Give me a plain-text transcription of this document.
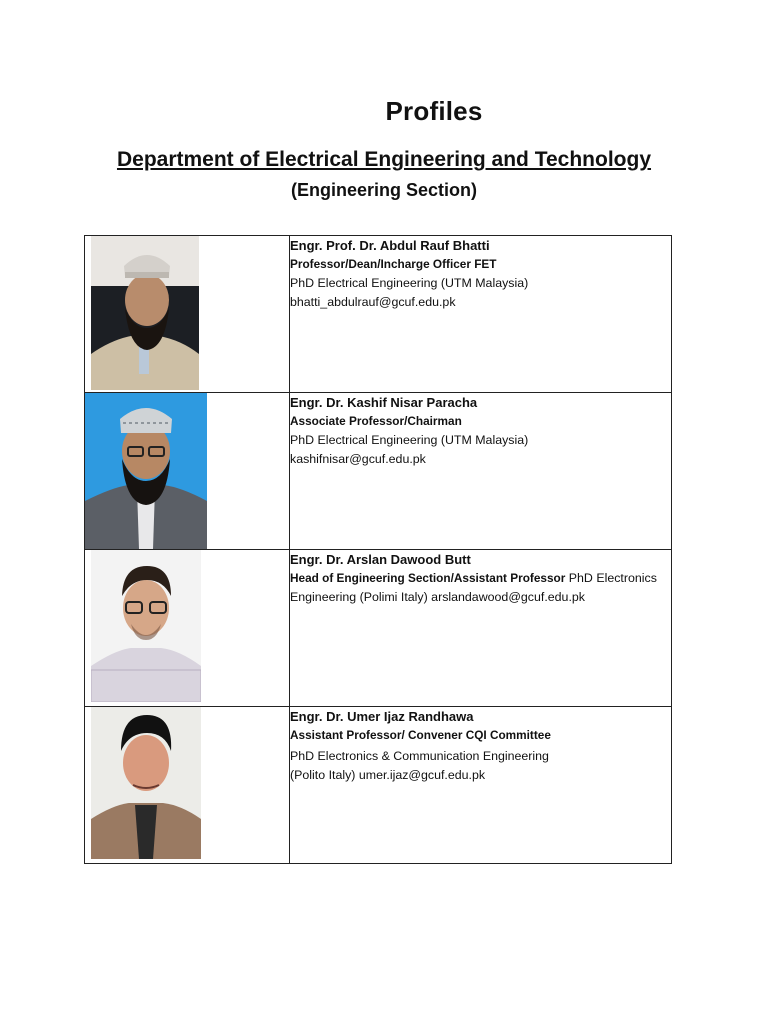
Profiles
Department of Electrical Engineering and Technology
(Engineering Section)

Engr. Prof. Dr. Abdul Rauf Bhatti
Professor/Dean/Incharge Officer FET
PhD Electrical Engineering (UTM Malaysia)
bhatti_abdulrauf@gcuf.edu.pk

Engr. Dr. Kashif Nisar Paracha
Associate Professor/Chairman
PhD Electrical Engineering (UTM Malaysia)
kashifnisar@gcuf.edu.pk

Engr. Dr. Arslan Dawood Butt
Head of Engineering Section/Assistant Professor PhD Electronics Engineering (Polimi Italy) arslandawood@gcuf.edu.pk

Engr. Dr. Umer Ijaz Randhawa
Assistant Professor/ Convener CQI Committee
PhD Electronics & Communication Engineering
(Polito Italy) umer.ijaz@gcuf.edu.pk
